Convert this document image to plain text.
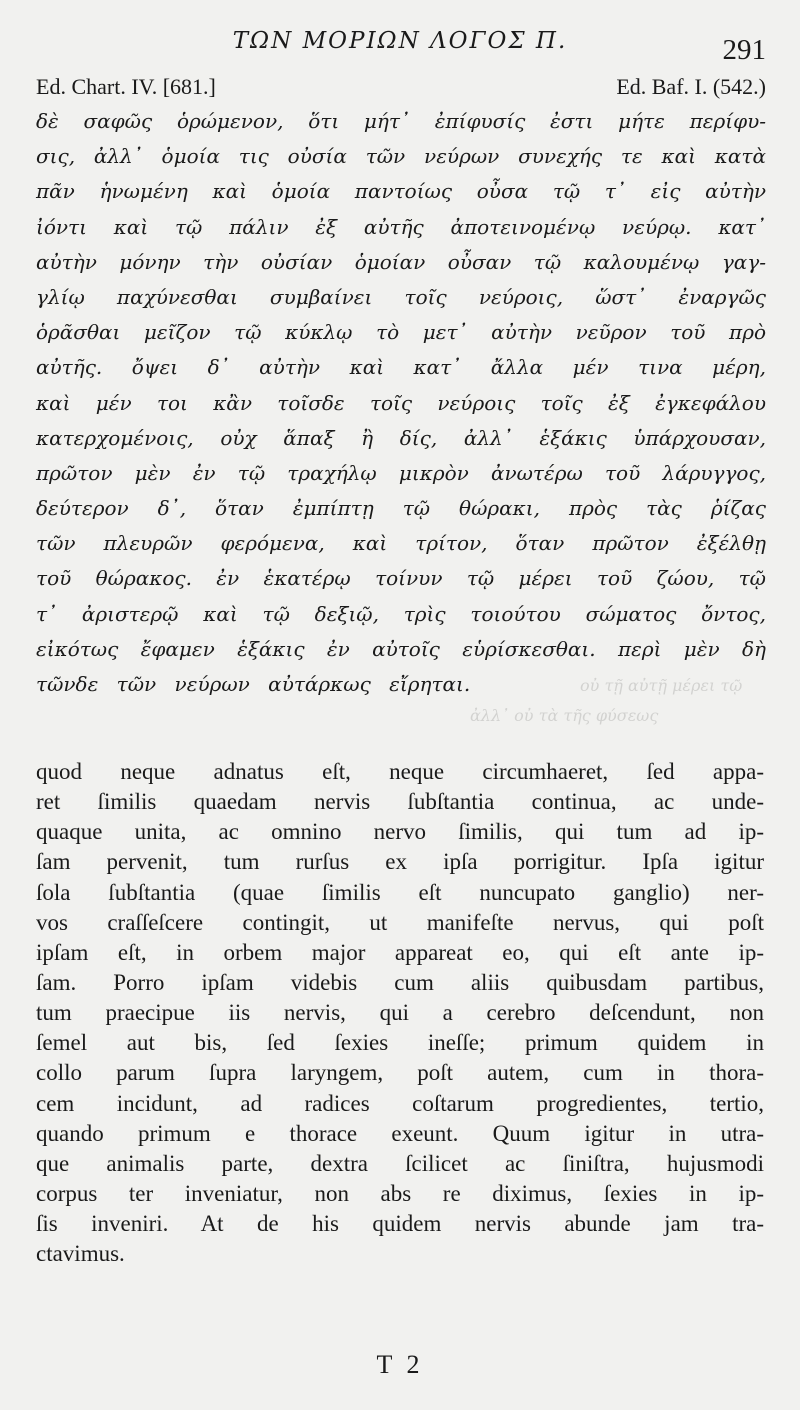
ΤΩΝ ΜΟΡΙΩΝ ΛΟΓΟΣ Π.	291
Ed. Chart. IV. [681.]	Ed. Baf. I. (542.)
δὲ σαφῶς ὁρώμενον, ὅτι μήτ᾽ ἐπίφυσίς ἐστι μήτε περίφυ-
σις, ἀλλ᾽ ὁμοία τις οὐσία τῶν νεύρων συνεχής τε καὶ κατὰ
πᾶν ἡνωμένη καὶ ὁμοία παντοίως οὖσα τῷ τ᾽ εἰς αὐτὴν
ἰόντι καὶ τῷ πάλιν ἐξ αὐτῆς ἀποτεινομένῳ νεύρῳ. κατ᾽
αὐτὴν μόνην τὴν οὐσίαν ὁμοίαν οὖσαν τῷ καλουμένῳ γαγ-
γλίῳ παχύνεσθαι συμβαίνει τοῖς νεύροις, ὥστ᾽ ἐναργῶς
ὁρᾶσθαι μεῖζον τῷ κύκλῳ τὸ μετ᾽ αὐτὴν νεῦρον τοῦ πρὸ
αὐτῆς. ὄψει δ᾽ αὐτὴν καὶ κατ᾽ ἄλλα μέν τινα μέρη,
καὶ μέν τοι κἂν τοῖσδε τοῖς νεύροις τοῖς ἐξ ἐγκεφάλου
κατερχομένοις, οὐχ ἅπαξ ἢ δίς, ἀλλ᾽ ἑξάκις ὑπάρχουσαν,
πρῶτον μὲν ἐν τῷ τραχήλῳ μικρὸν ἀνωτέρω τοῦ λάρυγγος,
δεύτερον δ᾽, ὅταν ἐμπίπτῃ τῷ θώρακι, πρὸς τὰς ῥίζας
τῶν πλευρῶν φερόμενα, καὶ τρίτον, ὅταν πρῶτον ἐξέλθῃ
τοῦ θώρακος. ἐν ἑκατέρῳ τοίνυν τῷ μέρει τοῦ ζώου, τῷ
τ᾽ ἀριστερῷ καὶ τῷ δεξιῷ, τρὶς τοιούτου σώματος ὄντος,
εἰκότως ἔφαμεν ἑξάκις ἐν αὐτοῖς εὑρίσκεσθαι. περὶ μὲν δὴ
τῶνδε τῶν νεύρων αὐτάρκως εἴρηται.	οὐ τῇ αὐτῇ μέρει τῷ
ἀλλ᾽ οὐ τὰ τῆς φύσεως
quod neque adnatus eſt, neque circumhaeret, ſed appa-
ret ſimilis quaedam nervis ſubſtantia continua, ac unde-
quaque unita, ac omnino nervo ſimilis, qui tum ad ip-
ſam pervenit, tum rurſus ex ipſa porrigitur. Ipſa igitur
ſola ſubſtantia (quae ſimilis eſt nuncupato ganglio) ner-
vos craſſeſcere contingit, ut manifeſte nervus, qui poſt
ipſam eſt, in orbem major appareat eo, qui eſt ante ip-
ſam. Porro ipſam videbis cum aliis quibusdam partibus,
tum praecipue iis nervis, qui a cerebro deſcendunt, non
ſemel aut bis, ſed ſexies ineſſe; primum quidem in
collo parum ſupra laryngem, poſt autem, cum in thora-
cem incidunt, ad radices coſtarum progredientes, tertio,
quando primum e thorace exeunt. Quum igitur in utra-
que animalis parte, dextra ſcilicet ac ſiniſtra, hujusmodi
corpus ter inveniatur, non abs re diximus, ſexies in ip-
ſis inveniri. At de his quidem nervis abunde jam tra-
ctavimus.
T 2
